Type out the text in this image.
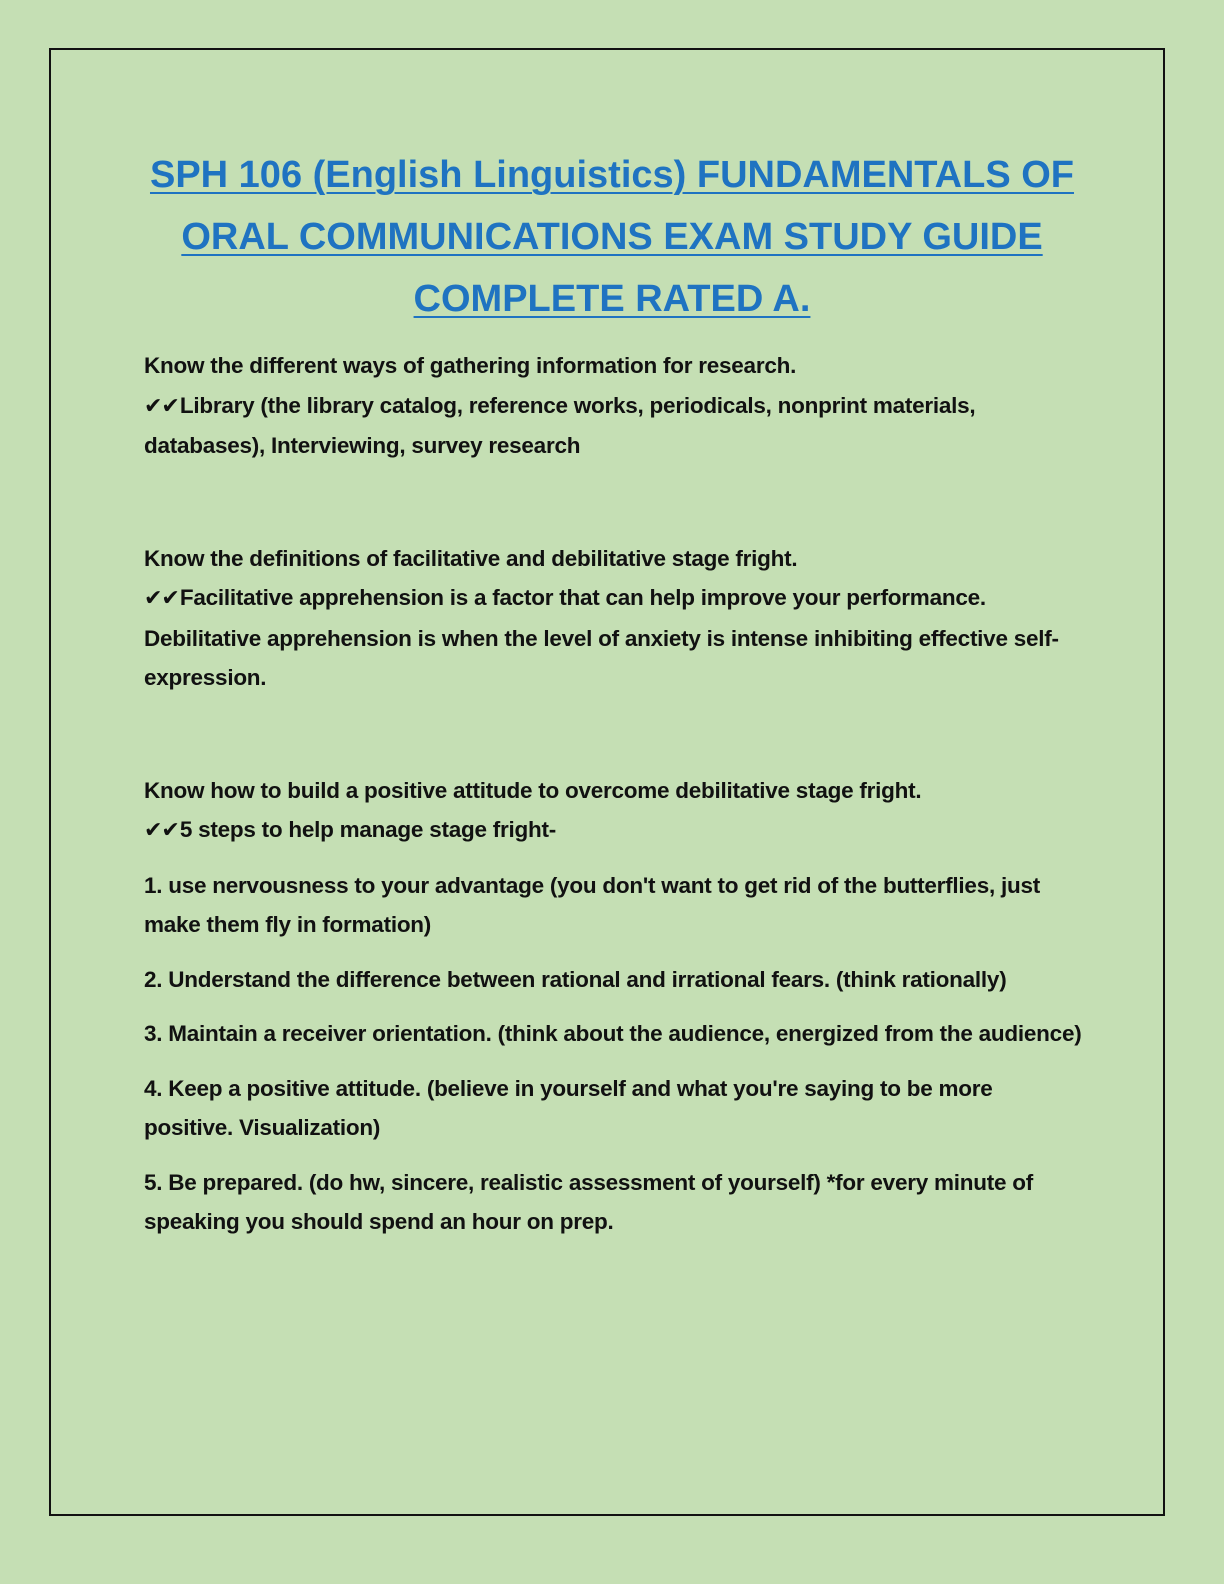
SPH 106 (English Linguistics) FUNDAMENTALS OF ORAL COMMUNICATIONS EXAM STUDY GUIDE COMPLETE RATED A.

Know the different ways of gathering information for research.

✔✔Library (the library catalog, reference works, periodicals, nonprint materials, databases), Interviewing, survey research

Know the definitions of facilitative and debilitative stage fright.

✔✔Facilitative apprehension is a factor that can help improve your performance. Debilitative apprehension is when the level of anxiety is intense inhibiting effective self-expression.

Know how to build a positive attitude to overcome debilitative stage fright.

✔✔5 steps to help manage stage fright-

1. use nervousness to your advantage (you don't want to get rid of the butterflies, just make them fly in formation)

2. Understand the difference between rational and irrational fears. (think rationally)

3. Maintain a receiver orientation. (think about the audience, energized from the audience)

4. Keep a positive attitude. (believe in yourself and what you're saying to be more positive. Visualization)

5. Be prepared. (do hw, sincere, realistic assessment of yourself) *for every minute of speaking you should spend an hour on prep.
